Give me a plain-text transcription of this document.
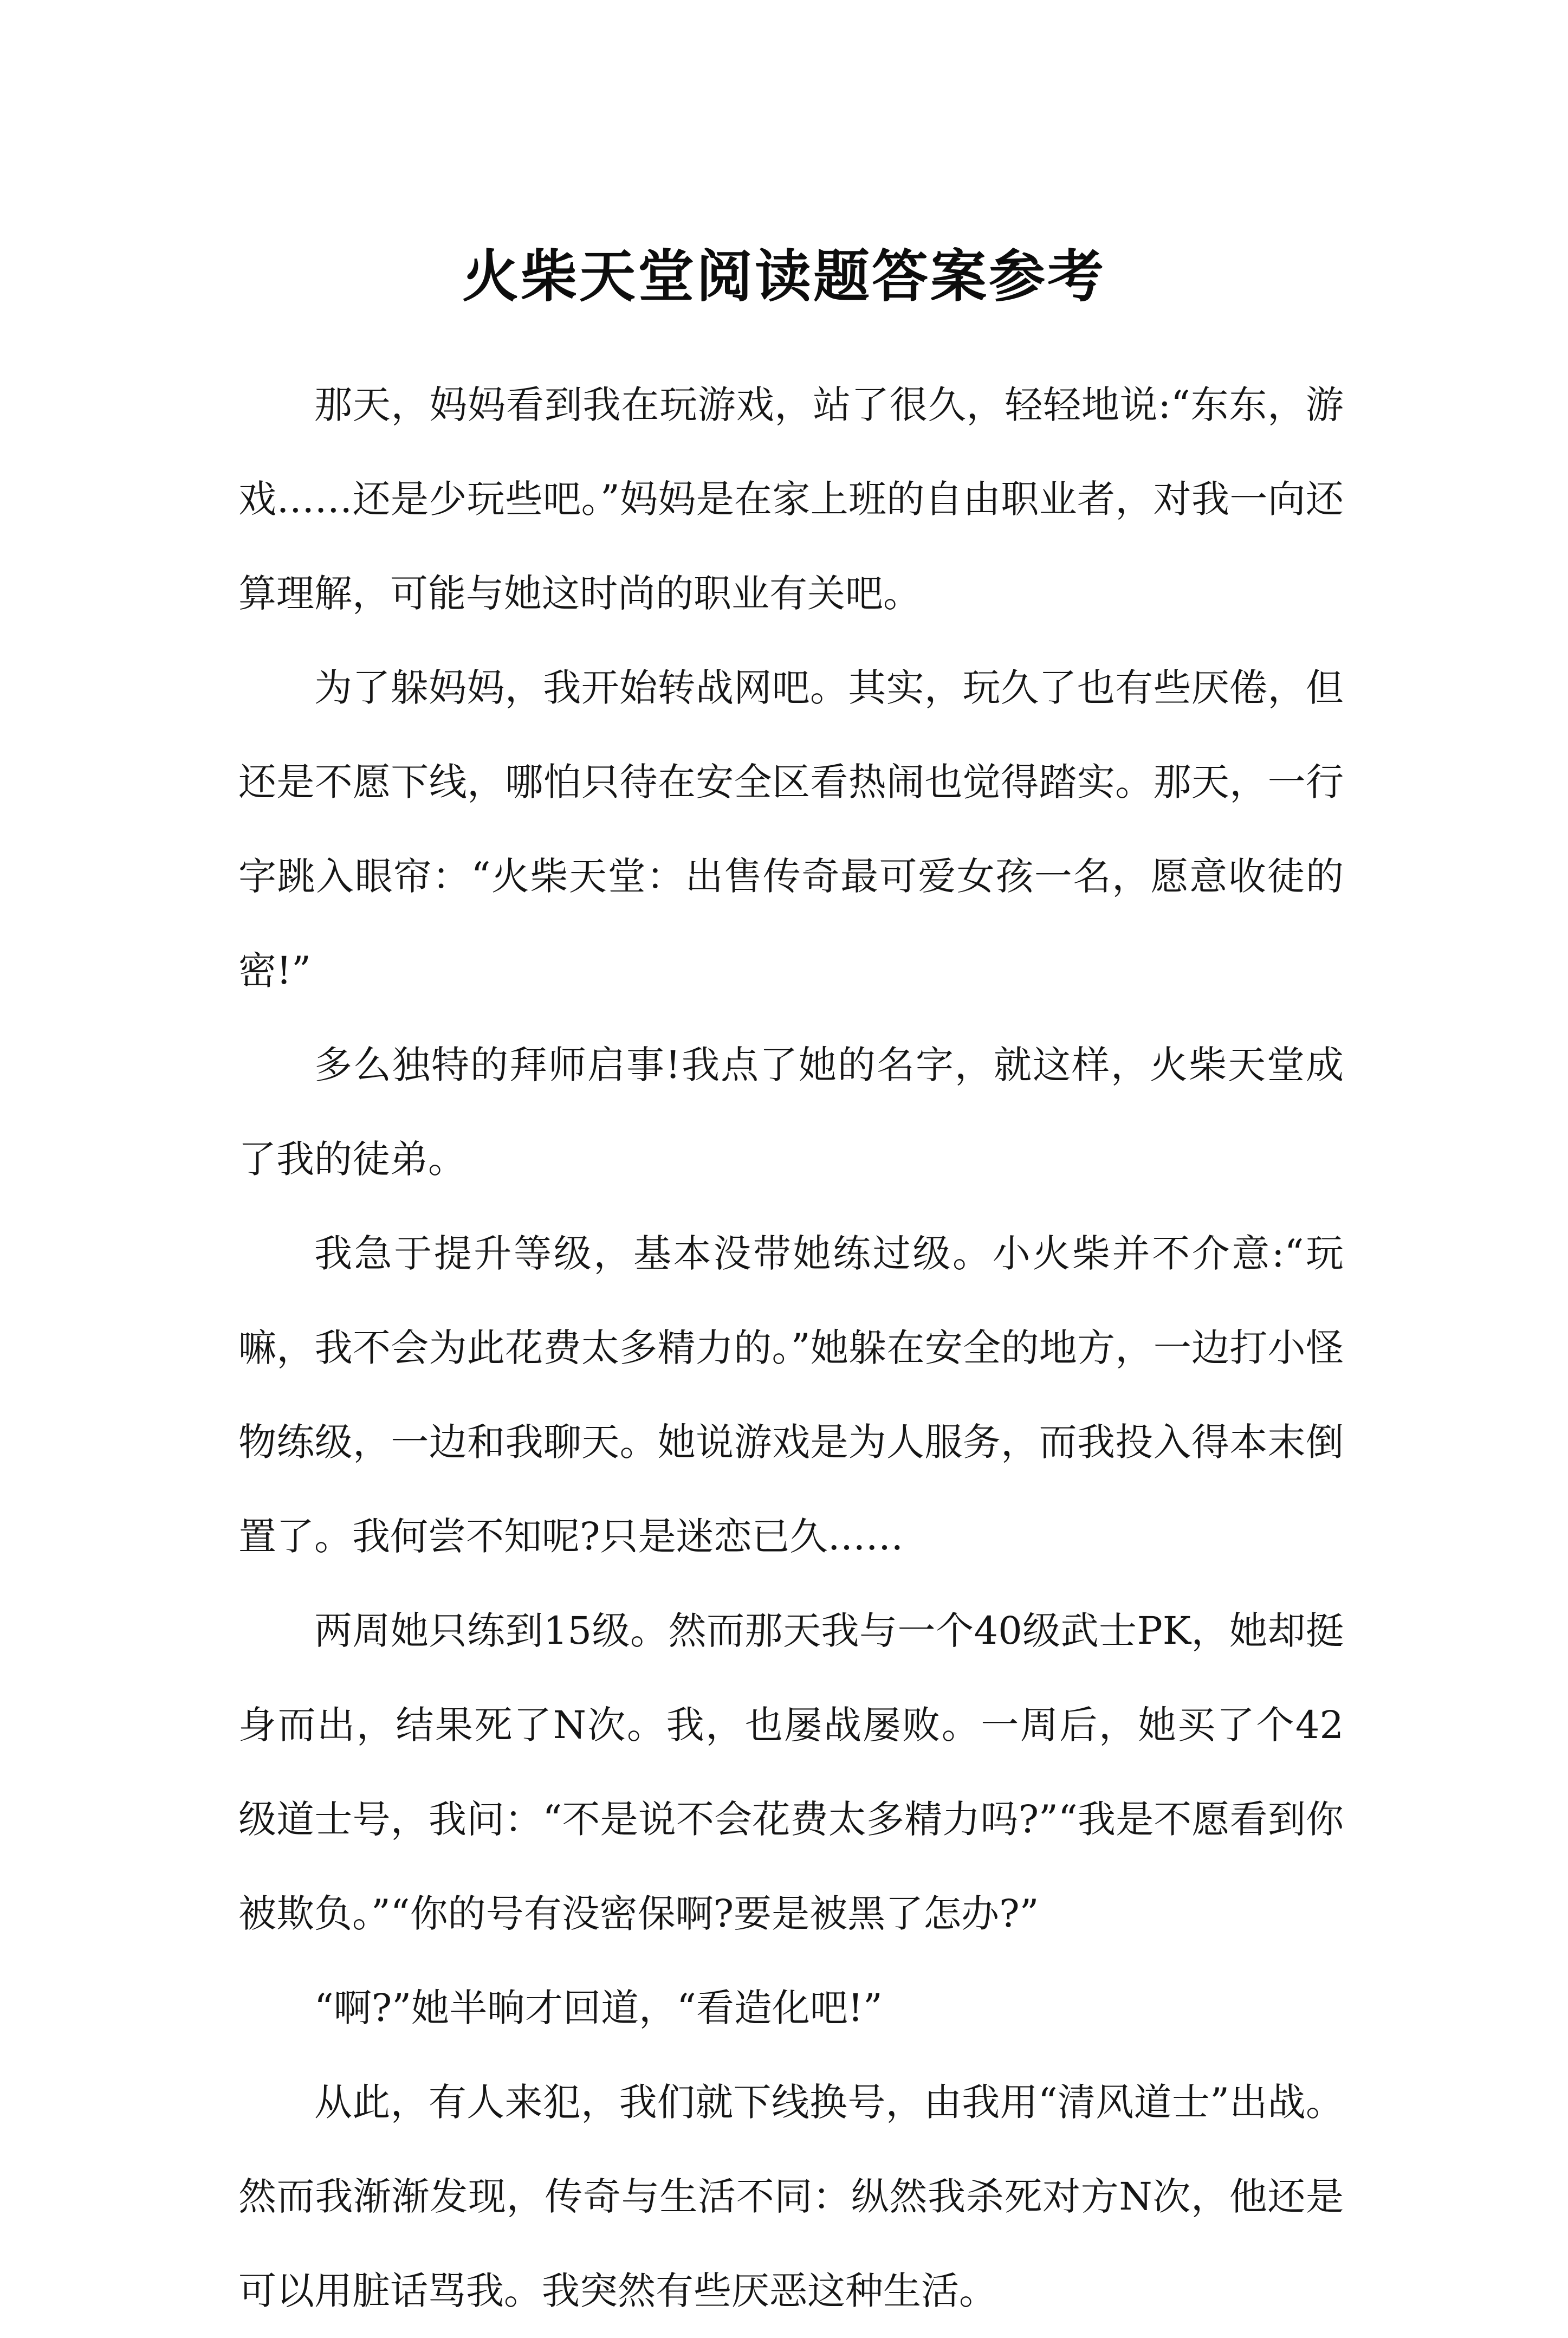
火柴天堂阅读题答案参考

那天，妈妈看到我在玩游戏，站了很久，轻轻地说:“东东，游戏……还是少玩些吧。”妈妈是在家上班的自由职业者，对我一向还算理解，可能与她这时尚的职业有关吧。

为了躲妈妈，我开始转战网吧。其实，玩久了也有些厌倦，但还是不愿下线，哪怕只待在安全区看热闹也觉得踏实。那天，一行字跳入眼帘：“火柴天堂：出售传奇最可爱女孩一名，愿意收徒的密!”

多么独特的拜师启事!我点了她的名字，就这样，火柴天堂成了我的徒弟。

我急于提升等级，基本没带她练过级。小火柴并不介意:“玩嘛，我不会为此花费太多精力的。”她躲在安全的地方，一边打小怪物练级，一边和我聊天。她说游戏是为人服务，而我投入得本末倒置了。我何尝不知呢?只是迷恋已久……

两周她只练到15级。然而那天我与一个40级武士PK，她却挺身而出，结果死了N次。我，也屡战屡败。一周后，她买了个42级道士号，我问：“不是说不会花费太多精力吗?”“我是不愿看到你被欺负。”“你的号有没密保啊?要是被黑了怎办?”

“啊?”她半晌才回道，“看造化吧!”

从此，有人来犯，我们就下线换号，由我用“清风道士”出战。然而我渐渐发现，传奇与生活不同：纵然我杀死对方N次，他还是可以用脏话骂我。我突然有些厌恶这种生活。
